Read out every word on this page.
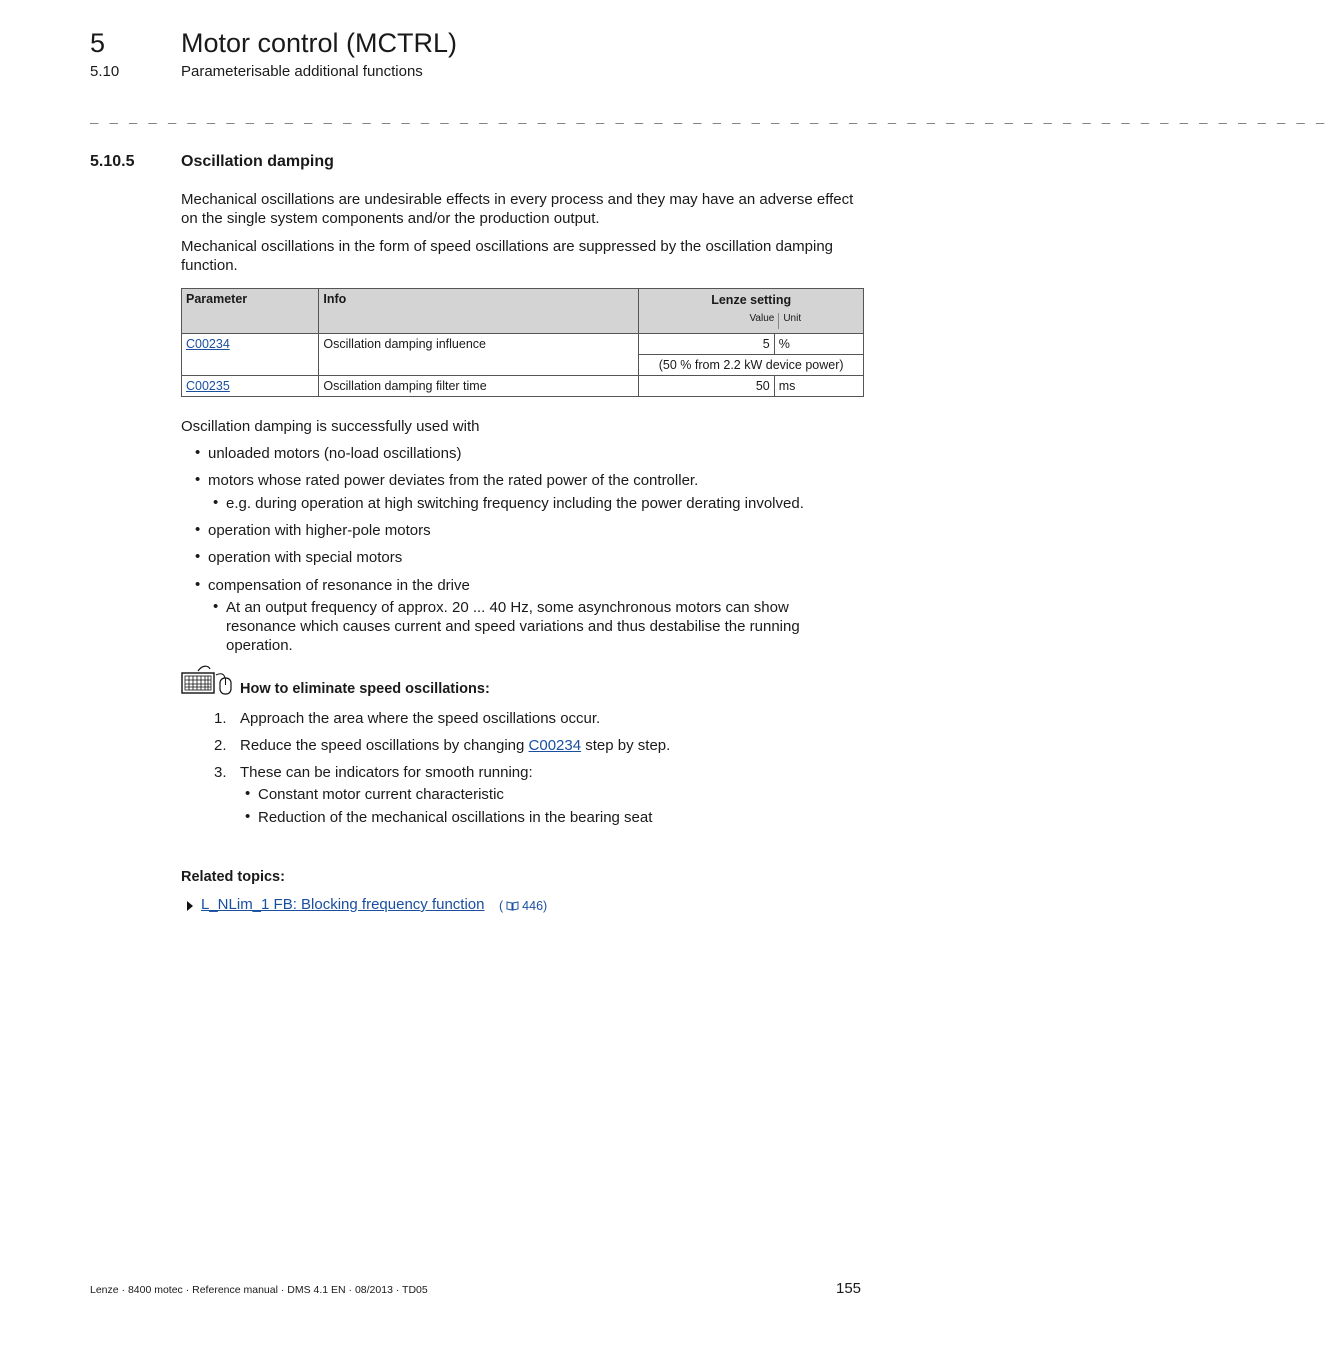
5	Motor control (MCTRL)
5.10	Parameterisable additional functions
_ _ _ _ _ _ _ _ _ _ _ _ _ _ _ _ _ _ _ _ _ _ _ _ _ _ _ _ _ _ _ _ _ _ _ _ _ _ _ _ _ _ _ _ _ _ _ _ _ _ _ _ _ _ _ _ _ _ _ _ _ _ _ _
5.10.5	Oscillation damping
Mechanical oscillations are undesirable effects in every process and they may have an adverse effect on the single system components and/or the production output.
Mechanical oscillations in the form of speed oscillations are suppressed by the oscillation damping function.
Parameter	Info	Lenze setting
Value Unit	

C00234	Oscillation damping influence	5	%
		(50 % from 2.2 kW device power)	
C00235	Oscillation damping filter time	50	ms
Oscillation damping is successfully used with
• unloaded motors (no-load oscillations)
• motors whose rated power deviates from the rated power of the controller.
• e.g. during operation at high switching frequency including the power derating involved.
• operation with higher-pole motors
• operation with special motors
• compensation of resonance in the drive
• At an output frequency of approx. 20 ... 40 Hz, some asynchronous motors can show resonance which causes current and speed variations and thus destabilise the running operation.
How to eliminate speed oscillations:
1. Approach the area where the speed oscillations occur.
2. Reduce the speed oscillations by changing C00234 step by step.
3. These can be indicators for smooth running:
• Constant motor current characteristic
• Reduction of the mechanical oscillations in the bearing seat
Related topics:
L_NLim_1 FB: Blocking frequency function ( 446)
Lenze · 8400 motec · Reference manual · DMS 4.1 EN · 08/2013 · TD05	155
